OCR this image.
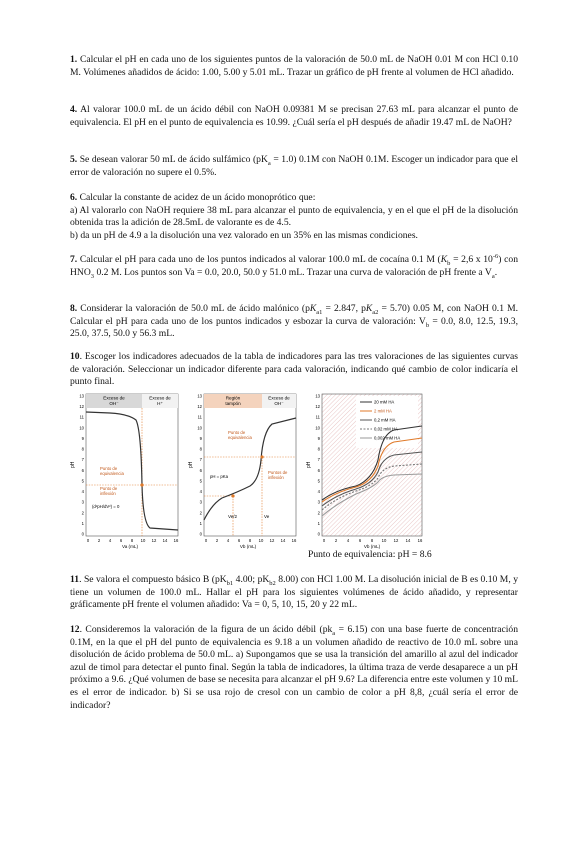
1. Calcular el pH en cada uno de los siguientes puntos de la valoración de 50.0 mL de NaOH 0.01 M con HCl 0.10 M. Volúmenes añadidos de ácido: 1.00, 5.00 y 5.01 mL. Trazar un gráfico de pH frente al volumen de HCl añadido.

4. Al valorar 100.0 mL de un ácido débil con NaOH 0.09381 M se precisan 27.63 mL para alcanzar el punto de equivalencia. El pH en el punto de equivalencia es 10.99. ¿Cuál sería el pH después de añadir 19.47 mL de NaOH?

5. Se desean valorar 50 mL de ácido sulfámico $(pK_a = 1.0)$ 0.1M con NaOH 0.1M. Escoger un indicador para que el error de valoración no supere el 0.5%.

6. Calcular la constante de acidez de un ácido monoprótico que:
a) Al valorarlo con NaOH requiere 38 mL para alcanzar el punto de equivalencia, y en el que el pH de la disolución obtenida tras la adición de 28.5mL de valorante es de 4.5.
b) da un pH de 4.9 a la disolución una vez valorado en un 35% en las mismas condiciones.

7. Calcular el pH para cada uno de los puntos indicados al valorar 100.0 mL de cocaína 0.1 M ($K_b = 2,6$ x $10^{-6}$) con $HNO_3$ 0.2 M. Los puntos son Va = 0.0, 20.0, 50.0 y 51.0 mL. Trazar una curva de valoración de pH frente a $V_a$.

8. Considerar la valoración de 50.0 mL de ácido malónico ($pK_{a1} = 2.847$, $pK_{a2} = 5.70$) 0.05 M, con NaOH 0.1 M. Calcular el pH para cada uno de los puntos indicados y esbozar la curva de valoración: $V_b = 0.0$, 8.0, 12.5, 19.3, 25.0, 37.5, 50.0 y 56.3 mL.

10. Escoger los indicadores adecuados de la tabla de indicadores para las tres valoraciones de las siguientes curvas de valoración. Seleccionar un indicador diferente para cada valoración, indicando qué cambio de color indicaría el punto final.

Exceso de
OH⁻
Exceso de
H⁺
0
1
2
3
4
5
6
7
8
9
10
11
12
13
0 2 4 6 8 10 12 14 16
Punto de
equivalencia
Punto de
inflexión
(d²pH/dV²) = 0
pH
Va (mL)
Región
tampón
Exceso de
OH⁻
0
1
2
3
4
5
6
7
8
9
10
11
12
13
0 2 4 6 8 10 12 14 16
Punto de
equivalencia
pH = pKa
Puntos de
inflexión
Ve/2	Ve
pH
Vb (mL)
0
1
2
3
4
5
6
7
8
9
10
11
12
13
0 2 4 6 8 10 12 14 16
20 mM HA
2 mM HA
0,2 mM HA
0,02 mM HA
0,002 mM HA
pH
Vb (mL)
Punto de equivalencia: pH = 8.6

11. Se valora el compuesto básico B ($pK_{b1}$ 4.00; $pK_{b2}$ 8.00) con HCl 1.00 M. La disolución inicial de B es 0.10 M, y tiene un volumen de 100.0 mL. Hallar el pH para los siguientes volúmenes de ácido añadido, y representar gráficamente pH frente el volumen añadido: Va = 0, 5, 10, 15, 20 y 22 mL.

12. Consideremos la valoración de la figura de un ácido débil $(pk_a = 6.15)$ con una base fuerte de concentración 0.1M, en la que el pH del punto de equivalencia es 9.18 a un volumen añadido de reactivo de 10.0 mL sobre una disolución de ácido problema de 50.0 mL. a) Supongamos que se usa la transición del amarillo al azul del indicador azul de timol para detectar el punto final. Según la tabla de indicadores, la última traza de verde desaparece a un pH próximo a 9.6. ¿Qué volumen de base se necesita para alcanzar el pH 9.6? La diferencia entre este volumen y 10 mL es el error de indicador. b) Si se usa rojo de cresol con un cambio de color a pH 8,8, ¿cuál sería el error de indicador?
